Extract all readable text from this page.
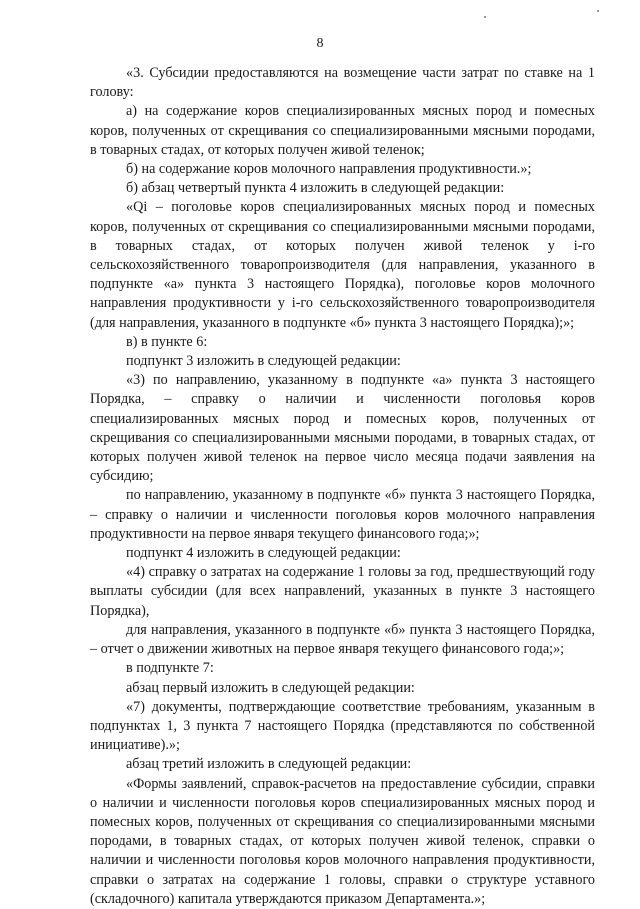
8

«3. Субсидии предоставляются на возмещение части затрат по ставке на 1 голову:

а) на содержание коров специализированных мясных пород и помесных коров, полученных от скрещивания со специализированными мясными породами, в товарных стадах, от которых получен живой теленок;

б) на содержание коров молочного направления продуктивности.»;

б) абзац четвертый пункта 4 изложить в следующей редакции:

«Qi – поголовье коров специализированных мясных пород и помесных коров, полученных от скрещивания со специализированными мясными породами, в товарных стадах, от которых получен живой теленок у i-го сельскохозяйственного товаропроизводителя (для направления, указанного в подпункте «а» пункта 3 настоящего Порядка), поголовье коров молочного направления продуктивности у i-го сельскохозяйственного товаропроизводителя (для направления, указанного в подпункте «б» пункта 3 настоящего Порядка);»;

в) в пункте 6:

подпункт 3 изложить в следующей редакции:

«3) по направлению, указанному в подпункте «а» пункта 3 настоящего Порядка, – справку о наличии и численности поголовья коров специализированных мясных пород и помесных коров, полученных от скрещивания со специализированными мясными породами, в товарных стадах, от которых получен живой теленок на первое число месяца подачи заявления на субсидию;

по направлению, указанному в подпункте «б» пункта 3 настоящего Порядка, – справку о наличии и численности поголовья коров молочного направления продуктивности на первое января текущего финансового года;»;

подпункт 4 изложить в следующей редакции:

«4) справку о затратах на содержание 1 головы за год, предшествующий году выплаты субсидии (для всех направлений, указанных в пункте 3 настоящего Порядка),

для направления, указанного в подпункте «б» пункта 3 настоящего Порядка, – отчет о движении животных на первое января текущего финансового года;»;

в подпункте 7:

абзац первый изложить в следующей редакции:

«7) документы, подтверждающие соответствие требованиям, указанным в подпунктах 1, 3 пункта 7 настоящего Порядка (представляются по собственной инициативе).»;

абзац третий изложить в следующей редакции:

«Формы заявлений, справок-расчетов на предоставление субсидии, справки о наличии и численности поголовья коров специализированных мясных пород и помесных коров, полученных от скрещивания со специализированными мясными породами, в товарных стадах, от которых получен живой теленок, справки о наличии и численности поголовья коров молочного направления продуктивности, справки о затратах на содержание 1 головы, справки о структуре уставного (складочного) капитала утверждаются приказом Департамента.»;
